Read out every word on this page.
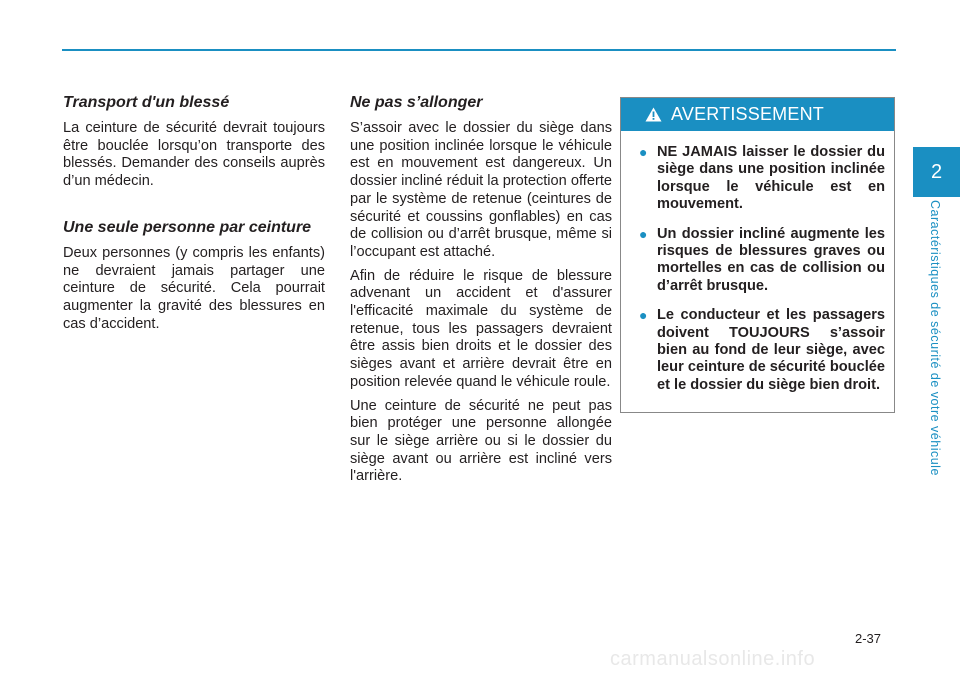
Transport d'un blessé

La ceinture de sécurité devrait toujours être bouclée lorsqu’on transporte des blessés. Demander des conseils auprès d’un médecin.

Une seule personne par ceinture

Deux personnes (y compris les enfants) ne devraient jamais partager une ceinture de sécurité. Cela pourrait augmenter la gravité des blessures en cas d’accident.

Ne pas s’allonger

S’assoir avec le dossier du siège dans une position inclinée lorsque le véhicule est en mouvement est dangereux. Un dossier incliné réduit la protection offerte par le système de retenue (ceintures de sécurité et coussins gonflables) en cas de collision ou d’arrêt brusque, même si l’occupant est attaché.

Afin de réduire le risque de blessure advenant un accident et d'assurer l'efficacité maximale du système de retenue, tous les passagers devraient être assis bien droits et le dossier des sièges avant et arrière devrait être en position relevée quand le véhicule roule.

Une ceinture de sécurité ne peut pas bien protéger une personne allongée sur le siège arrière ou si le dossier du siège avant ou arrière est incliné vers l'arrière.

AVERTISSEMENT
● NE JAMAIS laisser le dossier du siège dans une position inclinée lorsque le véhicule est en mouvement.
● Un dossier incliné augmente les risques de blessures graves ou mortelles en cas de collision ou d’arrêt brusque.
● Le conducteur et les passagers doivent TOUJOURS s’assoir bien au fond de leur siège, avec leur ceinture de sécurité bouclée et le dossier du siège bien droit.
2
Caractéristiques de sécurité de votre véhicule
2-37
carmanualsonline.info
